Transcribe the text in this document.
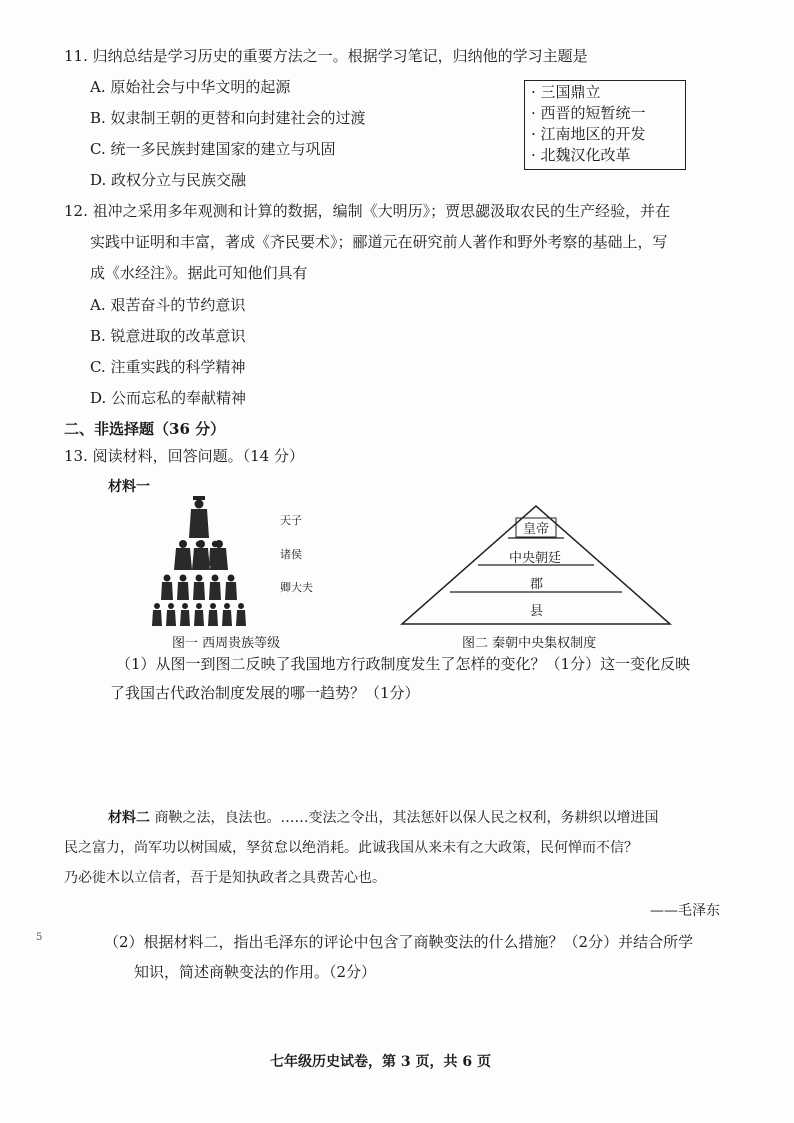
11. 归纳总结是学习历史的重要方法之一。根据学习笔记，归纳他的学习主题是
A. 原始社会与中华文明的起源
B. 奴隶制王朝的更替和向封建社会的过渡
C. 统一多民族封建国家的建立与巩固
D. 政权分立与民族交融
· 三国鼎立
· 西晋的短暂统一
· 江南地区的开发
· 北魏汉化改革
12. 祖冲之采用多年观测和计算的数据，编制《大明历》；贾思勰汲取农民的生产经验，并在
实践中证明和丰富，著成《齐民要术》；郦道元在研究前人著作和野外考察的基础上，写
成《水经注》。据此可知他们具有
A. 艰苦奋斗的节约意识
B. 锐意进取的改革意识
C. 注重实践的科学精神
D. 公而忘私的奉献精神
二、非选择题（36 分）
13. 阅读材料，回答问题。（14 分）
材料一
天子
诸侯
卿大夫
图一 西周贵族等级
皇帝
中央朝廷
郡
县
图二 秦朝中央集权制度
（1）从图一到图二反映了我国地方行政制度发生了怎样的变化？（1分）这一变化反映
了我国古代政治制度发展的哪一趋势？（1分）
材料二 商鞅之法，良法也。……变法之令出，其法惩奸以保人民之权利，务耕织以增进国
民之富力，尚军功以树国威，孥贫怠以绝消耗。此诚我国从来未有之大政策，民何惮而不信？
乃必徙木以立信者，吾于是知执政者之具费苦心也。
——毛泽东
5	（2）根据材料二，指出毛泽东的评论中包含了商鞅变法的什么措施？（2分）并结合所学
知识，简述商鞅变法的作用。（2分）
七年级历史试卷，第 3 页，共 6 页
